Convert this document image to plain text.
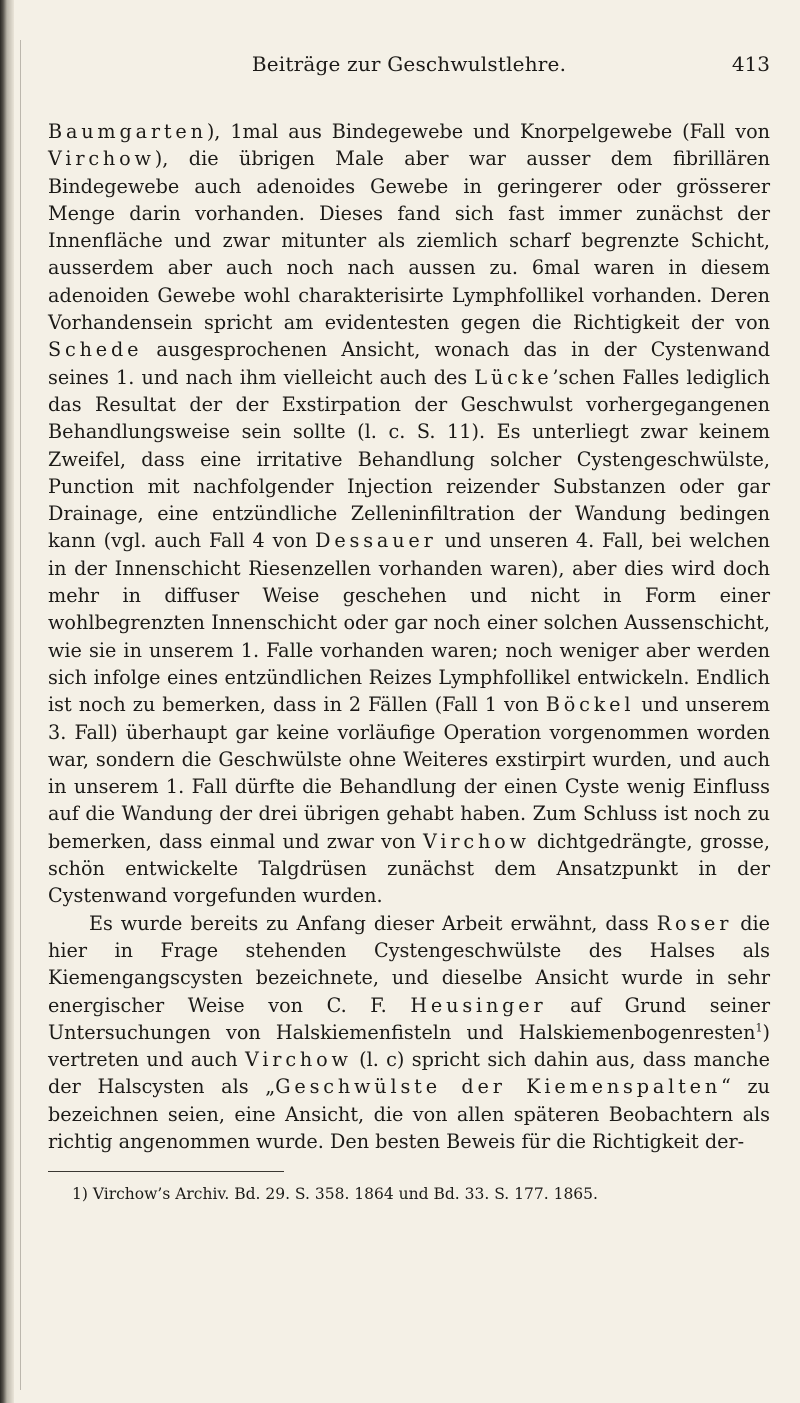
Beiträge zur Geschwulstlehre.	413

Baumgarten), 1mal aus Bindegewebe und Knorpelgewebe (Fall von Virchow), die übrigen Male aber war ausser dem fibrillären Bindegewebe auch adenoides Gewebe in geringerer oder grösserer Menge darin vorhanden. Dieses fand sich fast immer zunächst der Innenfläche und zwar mitunter als ziemlich scharf begrenzte Schicht, ausserdem aber auch noch nach aussen zu. 6mal waren in diesem adenoiden Gewebe wohl charakterisirte Lymphfollikel vorhanden. Deren Vorhandensein spricht am evidentesten gegen die Richtigkeit der von Schede ausgesprochenen Ansicht, wonach das in der Cystenwand seines 1. und nach ihm vielleicht auch des Lücke’schen Falles lediglich das Resultat der der Exstirpation der Geschwulst vorhergegangenen Behandlungsweise sein sollte (l. c. S. 11). Es unterliegt zwar keinem Zweifel, dass eine irritative Behandlung solcher Cystengeschwülste, Punction mit nachfolgender Injection reizender Substanzen oder gar Drainage, eine entzündliche Zelleninfiltration der Wandung bedingen kann (vgl. auch Fall 4 von Dessauer und unseren 4. Fall, bei welchen in der Innenschicht Riesenzellen vorhanden waren), aber dies wird doch mehr in diffuser Weise geschehen und nicht in Form einer wohlbegrenzten Innenschicht oder gar noch einer solchen Aussenschicht, wie sie in unserem 1. Falle vorhanden waren; noch weniger aber werden sich infolge eines entzündlichen Reizes Lymphfollikel entwickeln. Endlich ist noch zu bemerken, dass in 2 Fällen (Fall 1 von Böckel und unserem 3. Fall) überhaupt gar keine vorläufige Operation vorgenommen worden war, sondern die Geschwülste ohne Weiteres exstirpirt wurden, und auch in unserem 1. Fall dürfte die Behandlung der einen Cyste wenig Einfluss auf die Wandung der drei übrigen gehabt haben. Zum Schluss ist noch zu bemerken, dass einmal und zwar von Virchow dichtgedrängte, grosse, schön entwickelte Talgdrüsen zunächst dem Ansatzpunkt in der Cystenwand vorgefunden wurden.

Es wurde bereits zu Anfang dieser Arbeit erwähnt, dass Roser die hier in Frage stehenden Cystengeschwülste des Halses als Kiemengangscysten bezeichnete, und dieselbe Ansicht wurde in sehr energischer Weise von C. F. Heusinger auf Grund seiner Untersuchungen von Halskiemenfisteln und Halskiemenbogenresten$^1$) vertreten und auch Virchow (l. c) spricht sich dahin aus, dass manche der Halscysten als „Geschwülste der Kiemenspalten“ zu bezeichnen seien, eine Ansicht, die von allen späteren Beobachtern als richtig angenommen wurde. Den besten Beweis für die Richtigkeit der-

1) Virchow’s Archiv. Bd. 29. S. 358. 1864 und Bd. 33. S. 177. 1865.
